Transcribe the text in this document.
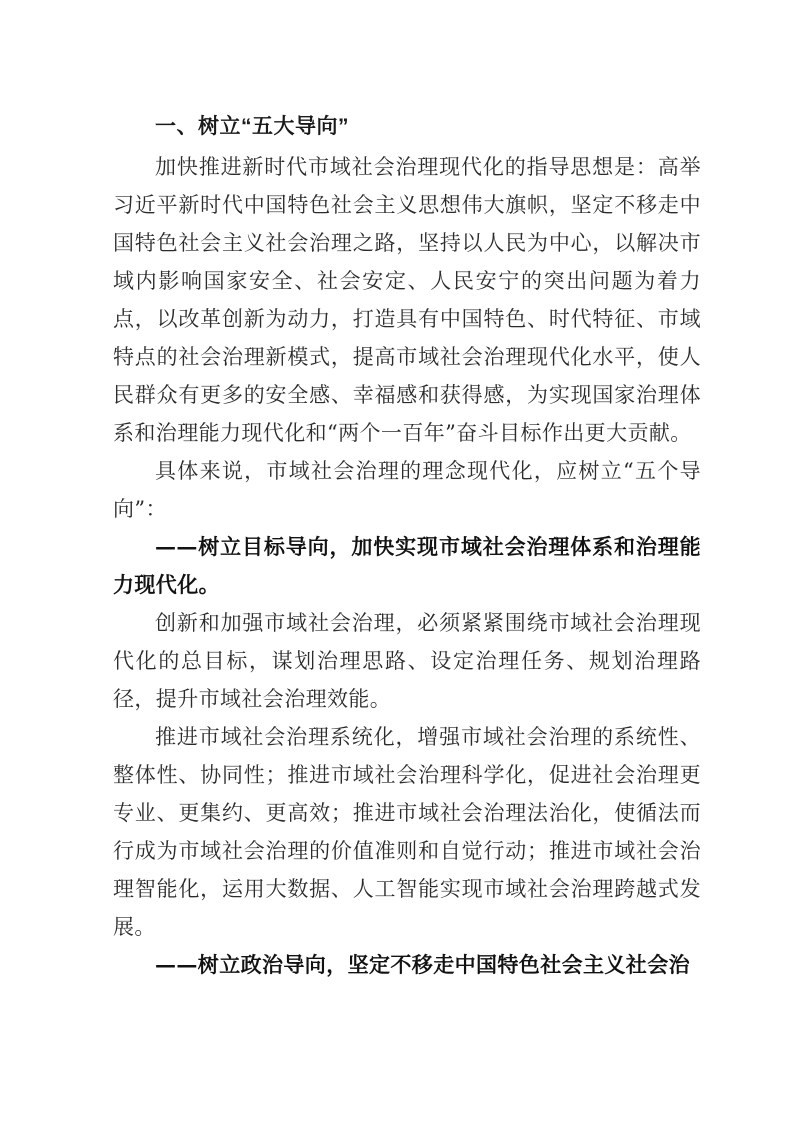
一、树立“五大导向”

加快推进新时代市域社会治理现代化的指导思想是：高举习近平新时代中国特色社会主义思想伟大旗帜，坚定不移走中国特色社会主义社会治理之路，坚持以人民为中心，以解决市域内影响国家安全、社会安定、人民安宁的突出问题为着力点，以改革创新为动力，打造具有中国特色、时代特征、市域特点的社会治理新模式，提高市域社会治理现代化水平，使人民群众有更多的安全感、幸福感和获得感，为实现国家治理体系和治理能力现代化和“两个一百年”奋斗目标作出更大贡献。

具体来说，市域社会治理的理念现代化，应树立“五个导向”：

——树立目标导向，加快实现市域社会治理体系和治理能力现代化。

创新和加强市域社会治理，必须紧紧围绕市域社会治理现代化的总目标，谋划治理思路、设定治理任务、规划治理路径，提升市域社会治理效能。

推进市域社会治理系统化，增强市域社会治理的系统性、整体性、协同性；推进市域社会治理科学化，促进社会治理更专业、更集约、更高效；推进市域社会治理法治化，使循法而行成为市域社会治理的价值准则和自觉行动；推进市域社会治理智能化，运用大数据、人工智能实现市域社会治理跨越式发展。

——树立政治导向，坚定不移走中国特色社会主义社会治
